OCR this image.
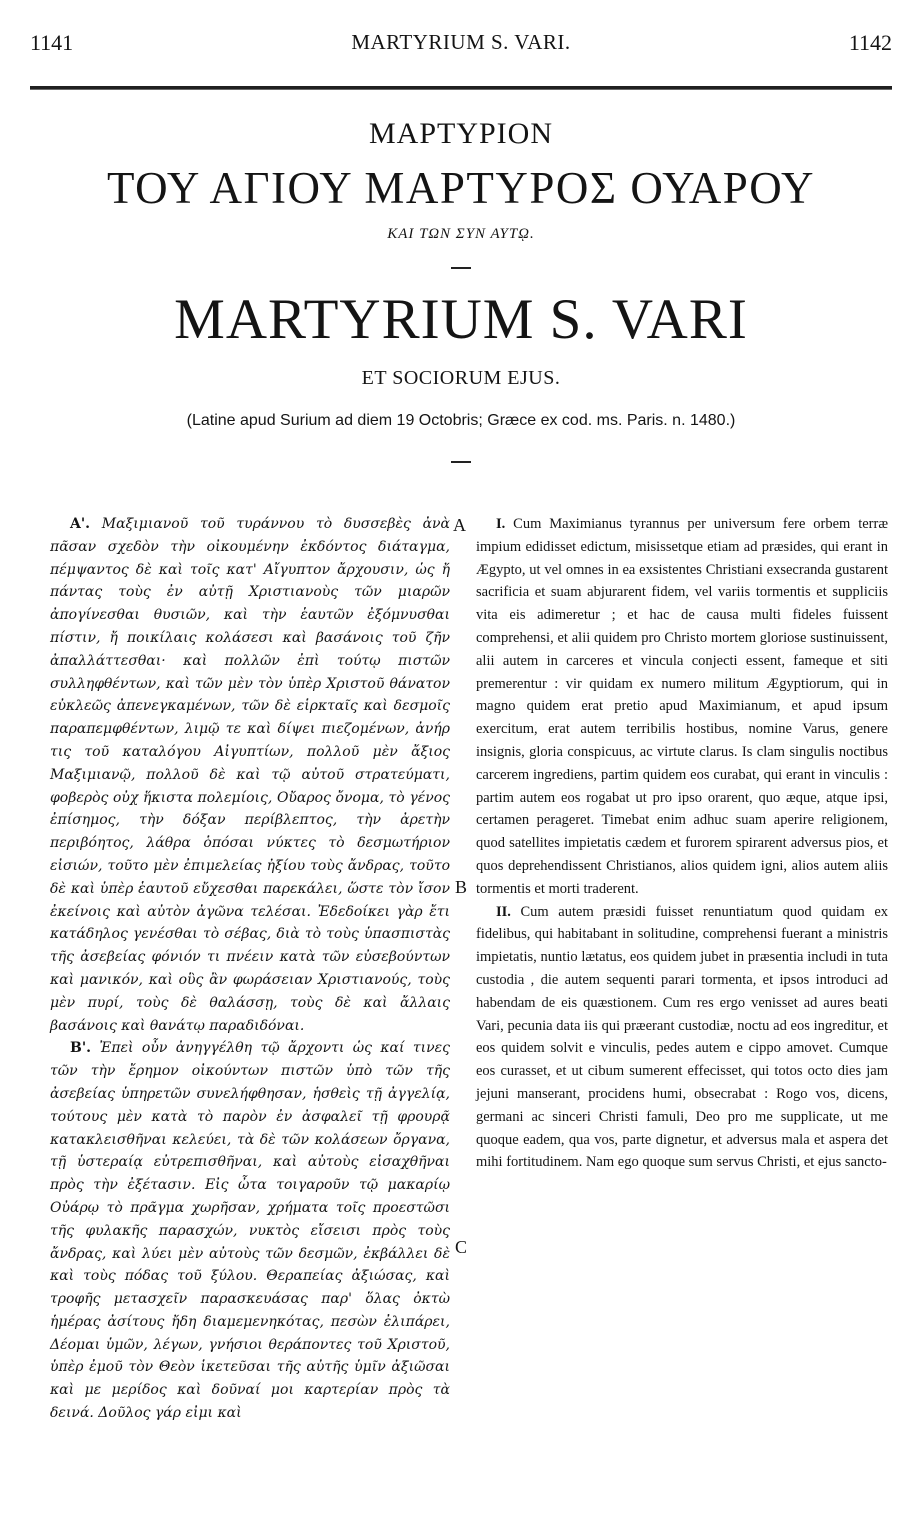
1141	MARTYRIUM S. VARI.	1142
ΜΑΡΤΥΡΙΟΝ
ΤΟΥ ΑΓΙΟΥ ΜΑΡΤΥΡΟΣ ΟΥΑΡΟΥ
ΚΑΙ ΤΩΝ ΣΥΝ ΑΥΤῼ.
MARTYRIUM S. VARI
ET SOCIORUM EJUS.
(Latine apud Surium ad diem 19 Octobris; Græce ex cod. ms. Paris. n. 1480.)

Α'. Μαξιμιανοῦ τοῦ τυράννου τὸ δυσσεβὲς ἀνὰ πᾶσαν σχεδὸν τὴν οἰκουμένην ἐκδόντος διάταγμα, πέμψαντος δὲ καὶ τοῖς κατ' Αἴγυπτον ἄρχουσιν, ὡς ἤ πάντας τοὺς ἐν αὐτῇ Χριστιανοὺς τῶν μιαρῶν ἀπογίνεσθαι θυσιῶν, καὶ τὴν ἑαυτῶν ἐξόμνυσθαι πίστιν, ἤ ποικίλαις κολάσεσι καὶ βασάνοις τοῦ ζῆν ἀπαλλάττεσθαι· καὶ πολλῶν ἐπὶ τούτῳ πιστῶν συλληφθέντων, καὶ τῶν μὲν τὸν ὑπὲρ Χριστοῦ θάνατον εὐκλεῶς ἀπενεγκαμένων, τῶν δὲ εἱρκταῖς καὶ δεσμοῖς παραπεμφθέντων, λιμῷ τε καὶ δίψει πιεζομένων, ἀνήρ τις τοῦ καταλόγου Αἰγυπτίων, πολλοῦ μὲν ἄξιος Μαξιμιανῷ, πολλοῦ δὲ καὶ τῷ αὐτοῦ στρατεύματι, φοβερὸς οὐχ ἥκιστα πολεμίοις, Οὔαρος ὄνομα, τὸ γένος ἐπίσημος, τὴν δόξαν περίβλεπτος, τὴν ἀρετὴν περιβόητος, λάθρα ὁπόσαι νύκτες τὸ δεσμωτήριον εἰσιών, τοῦτο μὲν ἐπιμελείας ἠξίου τοὺς ἄνδρας, τοῦτο δὲ καὶ ὑπὲρ ἑαυτοῦ εὔχεσθαι παρεκάλει, ὥστε τὸν ἴσον ἐκείνοις καὶ αὐτὸν ἀγῶνα τελέσαι. Ἐδεδοίκει γὰρ ἔτι κατάδηλος γενέσθαι τὸ σέβας, διὰ τὸ τοὺς ὑπασπιστὰς τῆς ἀσεβείας φόνιόν τι πνέειν κατὰ τῶν εὐσεβούντων καὶ μανικόν, καὶ οὓς ἂν φωράσειαν Χριστιανούς, τοὺς μὲν πυρί, τοὺς δὲ θαλάσσῃ, τοὺς δὲ καὶ ἄλλαις βασάνοις καὶ θανάτῳ παραδιδόναι.

Β'. Ἐπεὶ οὖν ἀνηγγέλθη τῷ ἄρχοντι ὡς καί τινες τῶν τὴν ἔρημον οἰκούντων πιστῶν ὑπὸ τῶν τῆς ἀσεβείας ὑπηρετῶν συνελήφθησαν, ἡσθεὶς τῇ ἀγγελίᾳ, τούτους μὲν κατὰ τὸ παρὸν ἐν ἀσφαλεῖ τῇ φρουρᾷ κατακλεισθῆναι κελεύει, τὰ δὲ τῶν κολάσεων ὄργανα, τῇ ὑστεραίᾳ εὐτρεπισθῆναι, καὶ αὐτοὺς εἰσαχθῆναι πρὸς τὴν ἐξέτασιν. Εἰς ὦτα τοιγαροῦν τῷ μακαρίῳ Οὐάρῳ τὸ πρᾶγμα χωρῆσαν, χρήματα τοῖς προεστῶσι τῆς φυλακῆς παρασχών, νυκτὸς εἴσεισι πρὸς τοὺς ἄνδρας, καὶ λύει μὲν αὐτοὺς τῶν δεσμῶν, ἐκβάλλει δὲ καὶ τοὺς πόδας τοῦ ξύλου. Θεραπείας ἀξιώσας, καὶ τροφῆς μετασχεῖν παρασκευάσας παρ' ὅλας ὀκτὼ ἡμέρας ἀσίτους ἤδη διαμεμενηκότας, πεσὼν ἐλιπάρει, Δέομαι ὑμῶν, λέγων, γνήσιοι θεράποντες τοῦ Χριστοῦ, ὑπὲρ ἐμοῦ τὸν Θεὸν ἱκετεῦσαι τῆς αὐτῆς ὑμῖν ἀξιῶσαι καὶ με μερίδος καὶ δοῦναί μοι καρτερίαν πρὸς τὰ δεινά. Δοῦλος γάρ εἰμι καὶ

A
B
C

I. Cum Maximianus tyrannus per universum fere orbem terræ impium edidisset edictum, misissetque etiam ad præsides, qui erant in Ægypto, ut vel omnes in ea exsistentes Christiani exsecranda gustarent sacrificia et suam abjurarent fidem, vel variis tormentis et suppliciis vita eis adimeretur ; et hac de causa multi fideles fuissent comprehensi, et alii quidem pro Christo mortem gloriose sustinuissent, alii autem in carceres et vincula conjecti essent, fameque et siti premerentur : vir quidam ex numero militum Ægyptiorum, qui in magno quidem erat pretio apud Maximianum, et apud ipsum exercitum, erat autem terribilis hostibus, nomine Varus, genere insignis, gloria conspicuus, ac virtute clarus. Is clam singulis noctibus carcerem ingrediens, partim quidem eos curabat, qui erant in vinculis : partim autem eos rogabat ut pro ipso orarent, quo æque, atque ipsi, certamen perageret. Timebat enim adhuc suam aperire religionem, quod satellites impietatis cædem et furorem spirarent adversus pios, et quos deprehendissent Christianos, alios quidem igni, alios autem aliis tormentis et morti traderent.

II. Cum autem præsidi fuisset renuntiatum quod quidam ex fidelibus, qui habitabant in solitudine, comprehensi fuerant a ministris impietatis, nuntio lætatus, eos quidem jubet in præsentia includi in tuta custodia , die autem sequenti parari tormenta, et ipsos introduci ad habendam de eis quæstionem. Cum res ergo venisset ad aures beati Vari, pecunia data iis qui præerant custodiæ, noctu ad eos ingreditur, et eos quidem solvit e vinculis, pedes autem e cippo amovet. Cumque eos curasset, et ut cibum sumerent effecisset, qui totos octo dies jam jejuni manserant, procidens humi, obsecrabat : Rogo vos, dicens, germani ac sinceri Christi famuli, Deo pro me supplicate, ut me quoque eadem, qua vos, parte dignetur, et adversus mala et aspera det mihi fortitudinem. Nam ego quoque sum servus Christi, et ejus sancto-
